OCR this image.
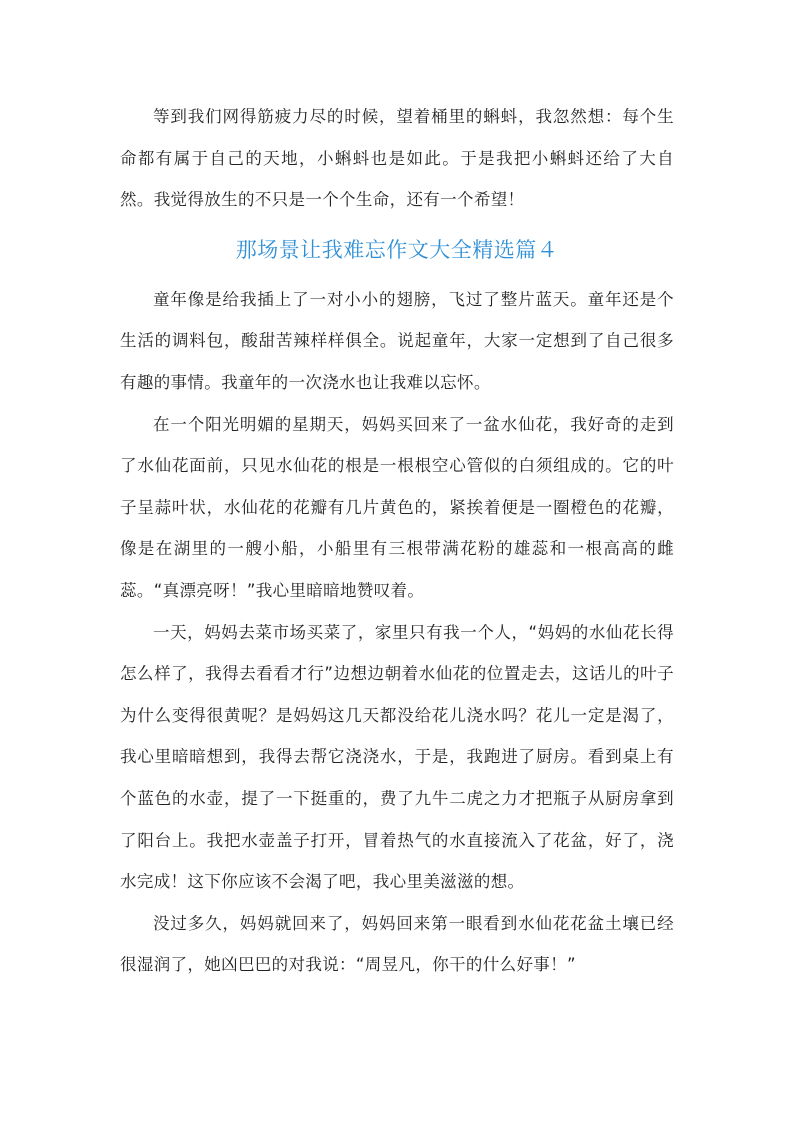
等到我们网得筋疲力尽的时候，望着桶里的蝌蚪，我忽然想：每个生命都有属于自己的天地，小蝌蚪也是如此。于是我把小蝌蚪还给了大自然。我觉得放生的不只是一个个生命，还有一个希望！

那场景让我难忘作文大全精选篇４

童年像是给我插上了一对小小的翅膀，飞过了整片蓝天。童年还是个生活的调料包，酸甜苦辣样样俱全。说起童年，大家一定想到了自己很多有趣的事情。我童年的一次浇水也让我难以忘怀。

在一个阳光明媚的星期天，妈妈买回来了一盆水仙花，我好奇的走到了水仙花面前，只见水仙花的根是一根根空心管似的白须组成的。它的叶子呈蒜叶状，水仙花的花瓣有几片黄色的，紧挨着便是一圈橙色的花瓣，像是在湖里的一艘小船，小船里有三根带满花粉的雄蕊和一根高高的雌蕊。“真漂亮呀！”我心里暗暗地赞叹着。

一天，妈妈去菜市场买菜了，家里只有我一个人，“妈妈的水仙花长得怎么样了，我得去看看才行”边想边朝着水仙花的位置走去，这话儿的叶子为什么变得很黄呢？是妈妈这几天都没给花儿浇水吗？花儿一定是渴了，我心里暗暗想到，我得去帮它浇浇水，于是，我跑进了厨房。看到桌上有个蓝色的水壶，提了一下挺重的，费了九牛二虎之力才把瓶子从厨房拿到了阳台上。我把水壶盖子打开，冒着热气的水直接流入了花盆，好了，浇水完成！这下你应该不会渴了吧，我心里美滋滋的想。

没过多久，妈妈就回来了，妈妈回来第一眼看到水仙花花盆土壤已经很湿润了，她凶巴巴的对我说：“周昱凡，你干的什么好事！”
